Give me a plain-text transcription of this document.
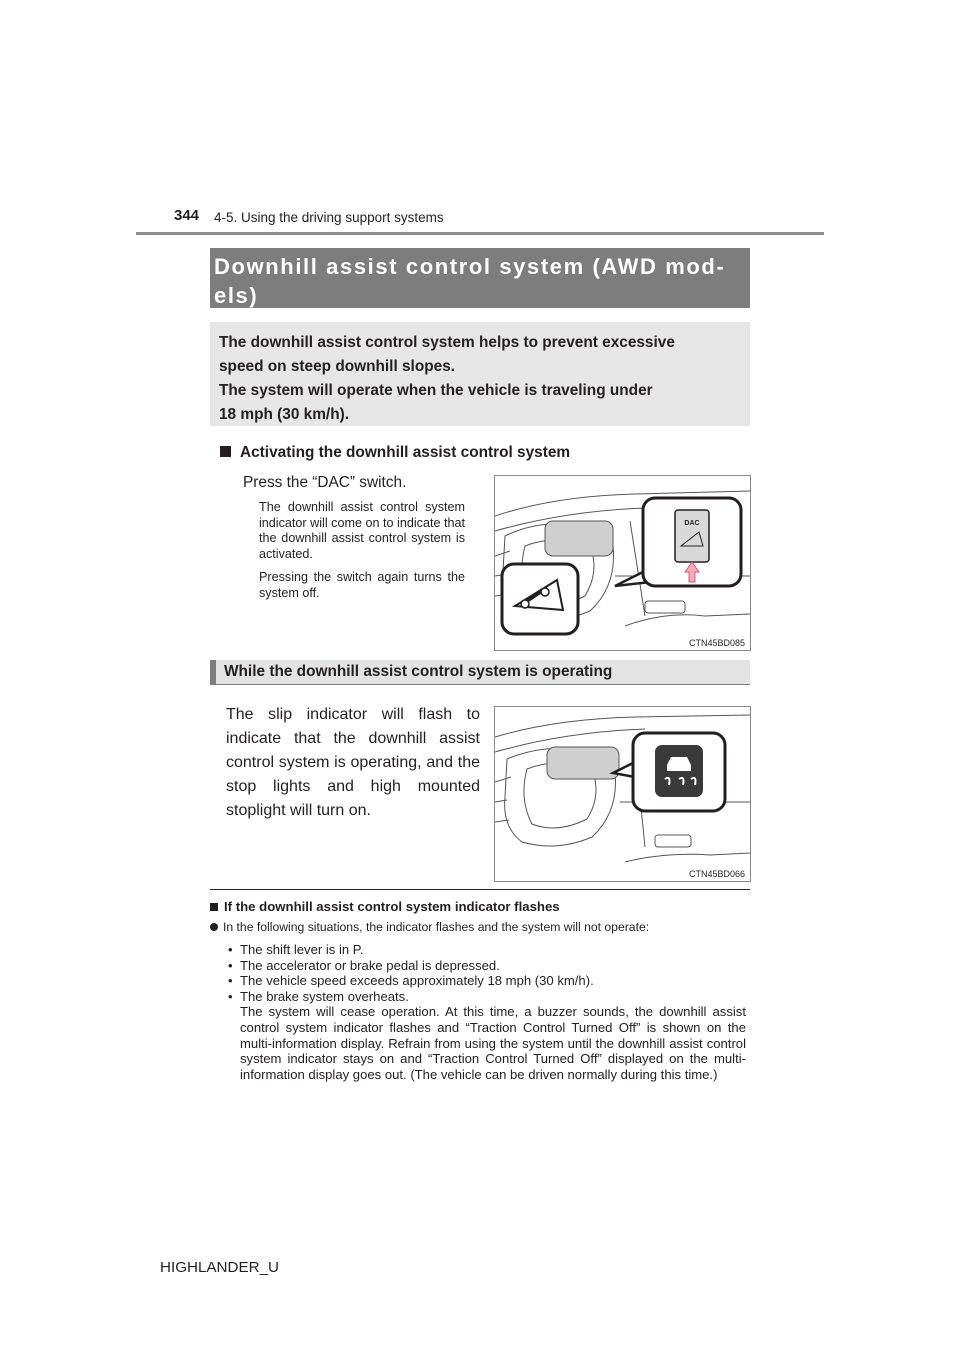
344 4-5. Using the driving support systems
Downhill assist control system (AWD mod-els)
The downhill assist control system helps to prevent excessive
speed on steep downhill slopes.
The system will operate when the vehicle is traveling under
18 mph (30 km/h).
Activating the downhill assist control system
Press the “DAC” switch.

The downhill assist control system indicator will come on to indicate that the downhill assist control system is activated.

Pressing the switch again turns the system off.

DAC
CTN45BD085
While the downhill assist control system is operating
The slip indicator will flash to indicate that the downhill assist control system is operating, and the stop lights and high mounted stoplight will turn on.
CTN45BD066
If the downhill assist control system indicator flashes
In the following situations, the indicator flashes and the system will not operate:
• The shift lever is in P.
• The accelerator or brake pedal is depressed.
• The vehicle speed exceeds approximately 18 mph (30 km/h).
• The brake system overheats.
The system will cease operation. At this time, a buzzer sounds, the downhill assist control system indicator flashes and “Traction Control Turned Off” is shown on the multi-information display. Refrain from using the system until the downhill assist control system indicator stays on and “Traction Control Turned Off” displayed on the multi-information display goes out. (The vehicle can be driven normally during this time.)
HIGHLANDER_U
